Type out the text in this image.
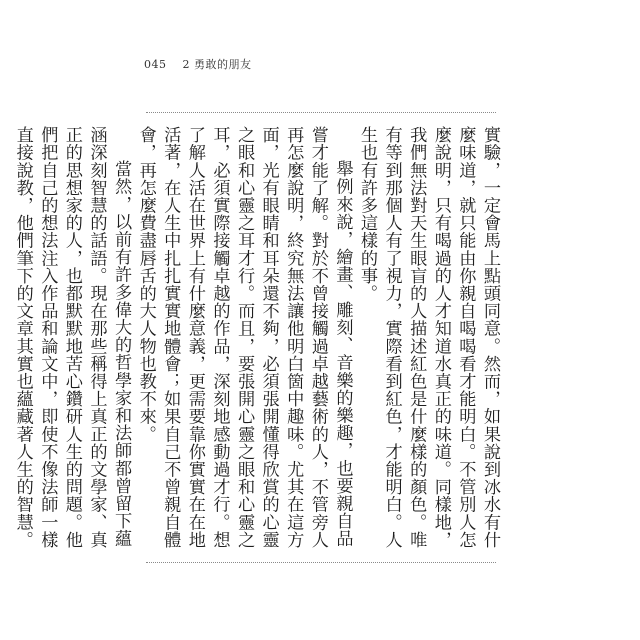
045 2 勇敢的朋友

實驗，一定會馬上點頭同意。然而，如果說到冰水有什麼味道，就只能由你親自喝喝看才能明白。不管別人怎麼說明，只有喝過的人才知道水真正的味道。同樣地，我們無法對天生眼盲的人描述紅色是什麼樣的顏色。唯有等到那個人有了視力，實際看到紅色，才能明白。人生也有許多這樣的事。

舉例來說，繪畫、雕刻、音樂的樂趣，也要親自品嘗才能了解。對於不曾接觸過卓越藝術的人，不管旁人再怎麼說明，終究無法讓他明白箇中趣味。尤其在這方面，光有眼睛和耳朵還不夠，必須張開懂得欣賞的心靈之眼和心靈之耳才行。而且，要張開心靈之眼和心靈之耳，必須實際接觸卓越的作品，深刻地感動過才行。想了解人活在世界上有什麼意義，更需要靠你實實在在地活著，在人生中扎扎實實地體會；如果自己不曾親自體會，再怎麼費盡唇舌的大人物也教不來。

當然，以前有許多偉大的哲學家和法師都曾留下蘊涵深刻智慧的話語。現在那些稱得上真正的文學家、真正的思想家的人，也都默默地苦心鑽研人生的問題。他們把自己的想法注入作品和論文中，即使不像法師一樣直接說教，他們筆下的文章其實也蘊藏著人生的智慧。
